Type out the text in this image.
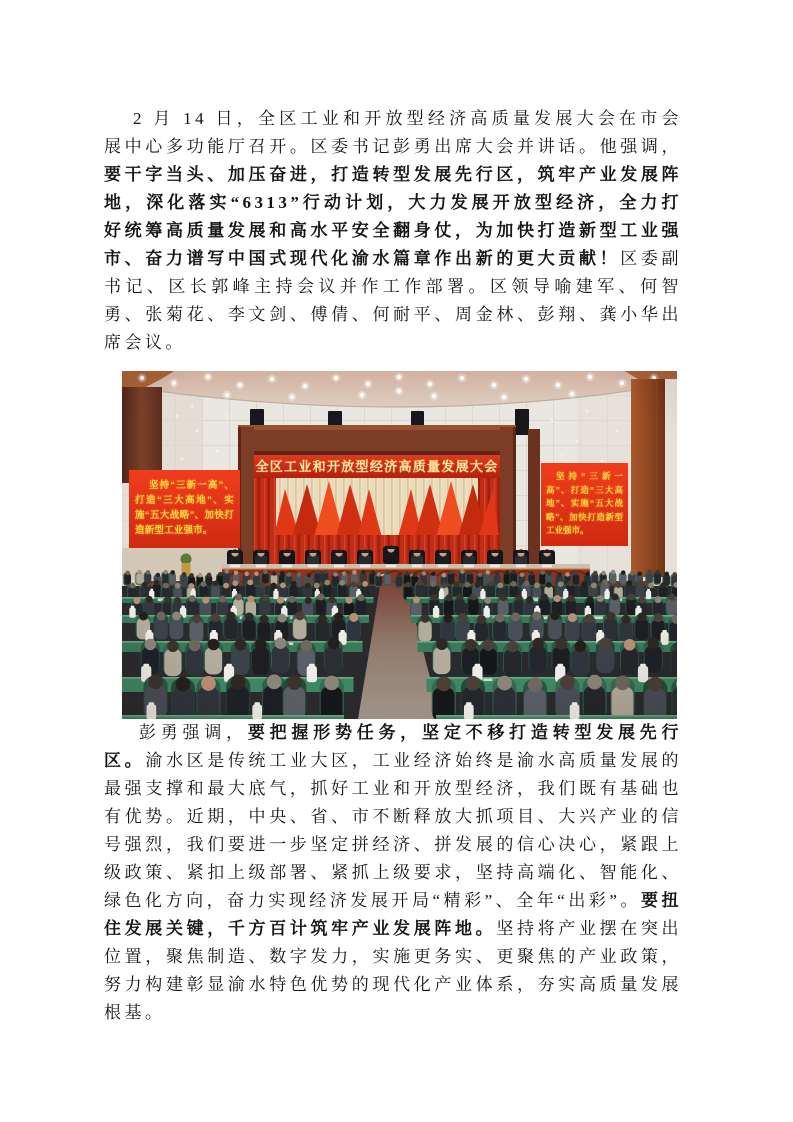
2 月 14 日，全区工业和开放型经济高质量发展大会在市会展中心多功能厅召开。区委书记彭勇出席大会并讲话。他强调，要干字当头、加压奋进，打造转型发展先行区，筑牢产业发展阵地，深化落实“6313”行动计划，大力发展开放型经济，全力打好统筹高质量发展和高水平安全翻身仗，为加快打造新型工业强市、奋力谱写中国式现代化渝水篇章作出新的更大贡献！区委副书记、区长郭峰主持会议并作工作部署。区领导喻建军、何智勇、张菊花、李文剑、傅倩、何耐平、周金林、彭翔、龚小华出席会议。

全区工业和开放型经济高质量发展大会
坚持“三新一高”、打造“三大高地”、实施“五大战略”、加快打造新型工业强市。
坚持“三新一高”、打造“三大高地”、实施“五大战略”、加快打造新型工业强市。

彭勇强调，要把握形势任务，坚定不移打造转型发展先行区。渝水区是传统工业大区，工业经济始终是渝水高质量发展的最强支撑和最大底气，抓好工业和开放型经济，我们既有基础也有优势。近期，中央、省、市不断释放大抓项目、大兴产业的信号强烈，我们要进一步坚定拼经济、拼发展的信心决心，紧跟上级政策、紧扣上级部署、紧抓上级要求，坚持高端化、智能化、绿色化方向，奋力实现经济发展开局“精彩”、全年“出彩”。要扭住发展关键，千方百计筑牢产业发展阵地。坚持将产业摆在突出位置，聚焦制造、数字发力，实施更务实、更聚焦的产业政策，努力构建彰显渝水特色优势的现代化产业体系，夯实高质量发展根基。
